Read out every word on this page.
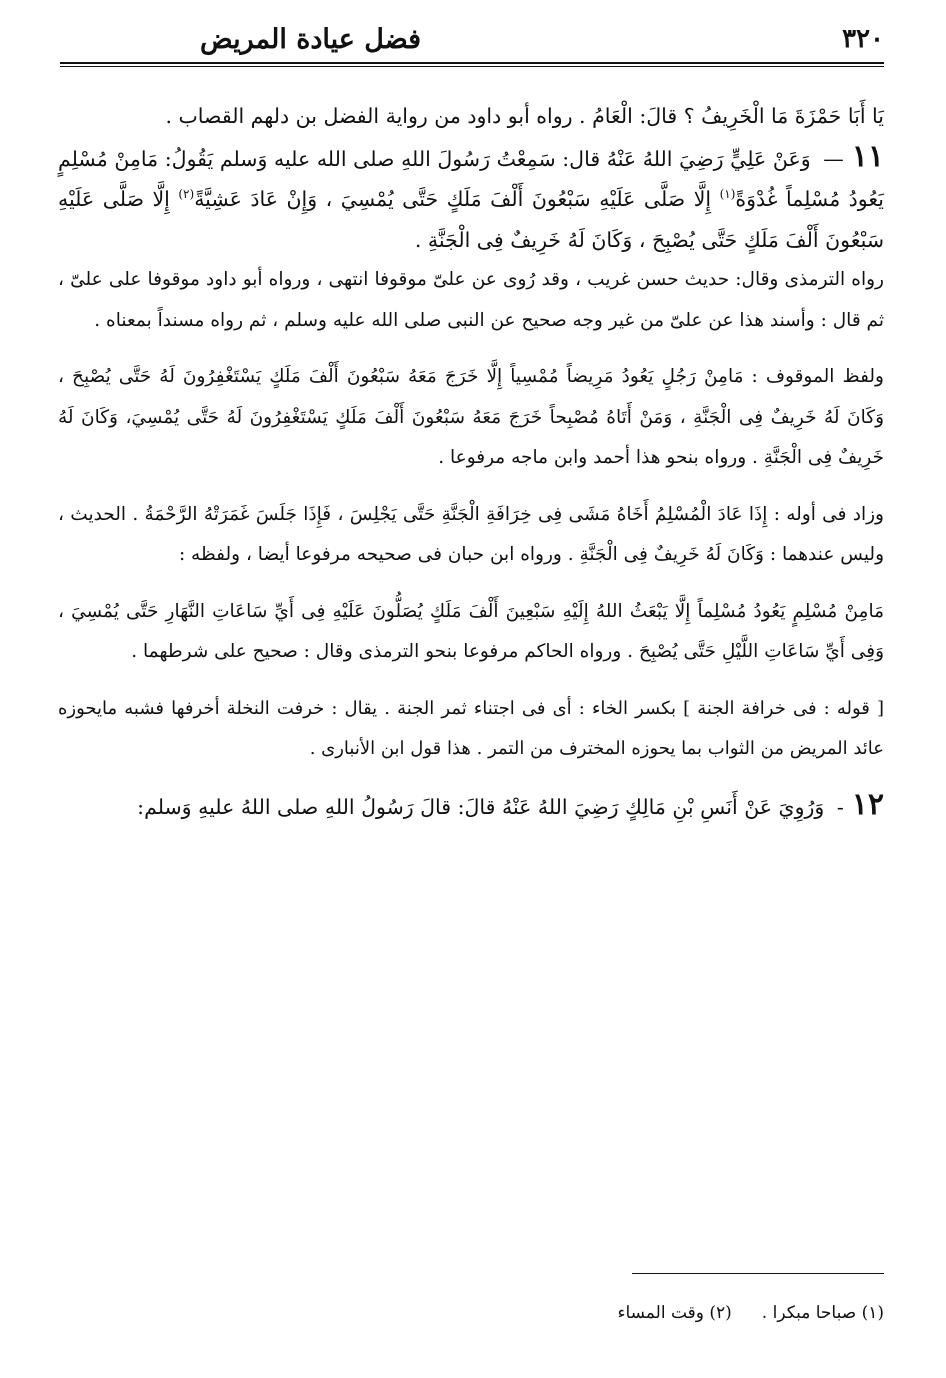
٣٢٠
فضل عيادة المريض

يَا أَبَا حَمْزَةَ مَا الْخَرِيفُ ؟ قالَ: الْعَامُ . رواه أبو داود من رواية الفضل بن دلهم القصاب .

١١— وَعَنْ عَلِيٍّ رَضِيَ اللهُ عَنْهُ قال: سَمِعْتُ رَسُولَ اللهِ صلى الله عليه وَسلم يَقُولُ: مَامِنْ مُسْلِمٍ يَعُودُ مُسْلِماً غُدْوَةً$^{(١)}$ إِلَّا صَلَّى عَلَيْهِ سَبْعُونَ أَلْفَ مَلَكٍ حَتَّى يُمْسِيَ ، وَإِنْ عَادَ عَشِيَّةً$^{(٢)}$ إِلَّا صَلَّى عَلَيْهِ سَبْعُونَ أَلْفَ مَلَكٍ حَتَّى يُصْبِحَ ، وَكَانَ لَهُ خَرِيفٌ فِى الْجَنَّةِ .

رواه الترمذى وقال: حديث حسن غريب ، وقد رُوى عن علىّ موقوفا انتهى ، ورواه أبو داود موقوفا على علىّ ، ثم قال : وأسند هذا عن علىّ من غير وجه صحيح عن النبى صلى الله عليه وسلم ، ثم رواه مسنداً بمعناه .

ولفظ الموقوف : مَامِنْ رَجُلٍ يَعُودُ مَرِيضاً مُمْسِياً إِلَّا خَرَجَ مَعَهُ سَبْعُونَ أَلْفَ مَلَكٍ يَسْتَغْفِرُونَ لَهُ حَتَّى يُصْبِحَ ، وَكَانَ لَهُ خَرِيفٌ فِى الْجَنَّةِ ، وَمَنْ أَتَاهُ مُصْبِحاً خَرَجَ مَعَهُ سَبْعُونَ أَلْفَ مَلَكٍ يَسْتَغْفِرُونَ لَهُ حَتَّى يُمْسِيَ، وَكَانَ لَهُ خَرِيفٌ فِى الْجَنَّةِ . ورواه بنحو هذا أحمد وابن ماجه مرفوعا .

وزاد فى أوله : إِذَا عَادَ الْمُسْلِمُ أَخَاهُ مَشَى فِى خِرَافَةِ الْجَنَّةِ حَتَّى يَجْلِسَ ، فَإِذَا جَلَسَ غَمَرَتْهُ الرَّحْمَةُ . الحديث ، وليس عندهما : وَكَانَ لَهُ خَرِيفٌ فِى الْجَنَّةِ . ورواه ابن حبان فى صحيحه مرفوعا أيضا ، ولفظه :

مَامِنْ مُسْلِمٍ يَعُودُ مُسْلِماً إِلَّا يَبْعَثُ اللهُ إِلَيْهِ سَبْعِينَ أَلْفَ مَلَكٍ يُصَلُّونَ عَلَيْهِ فِى أَيِّ سَاعَاتِ النَّهَارِ حَتَّى يُمْسِيَ ، وَفِى أَيِّ سَاعَاتِ اللَّيْلِ حَتَّى يُصْبِحَ . ورواه الحاكم مرفوعا بنحو الترمذى وقال : صحيح على شرطهما .

[ قوله : فى خرافة الجنة ] بكسر الخاء : أى فى اجتناء ثمر الجنة . يقال : خرفت النخلة أخرفها فشبه مايحوزه عائد المريض من الثواب بما يحوزه المخترف من التمر . هذا قول ابن الأنبارى .

١٢- وَرُوِيَ عَنْ أَنَسِ بْنِ مَالِكٍ رَضِيَ اللهُ عَنْهُ قالَ: قالَ رَسُولُ اللهِ صلى اللهُ عليهِ وَسلم:

(١) صباحا مبكرا .
(٢) وقت المساء
